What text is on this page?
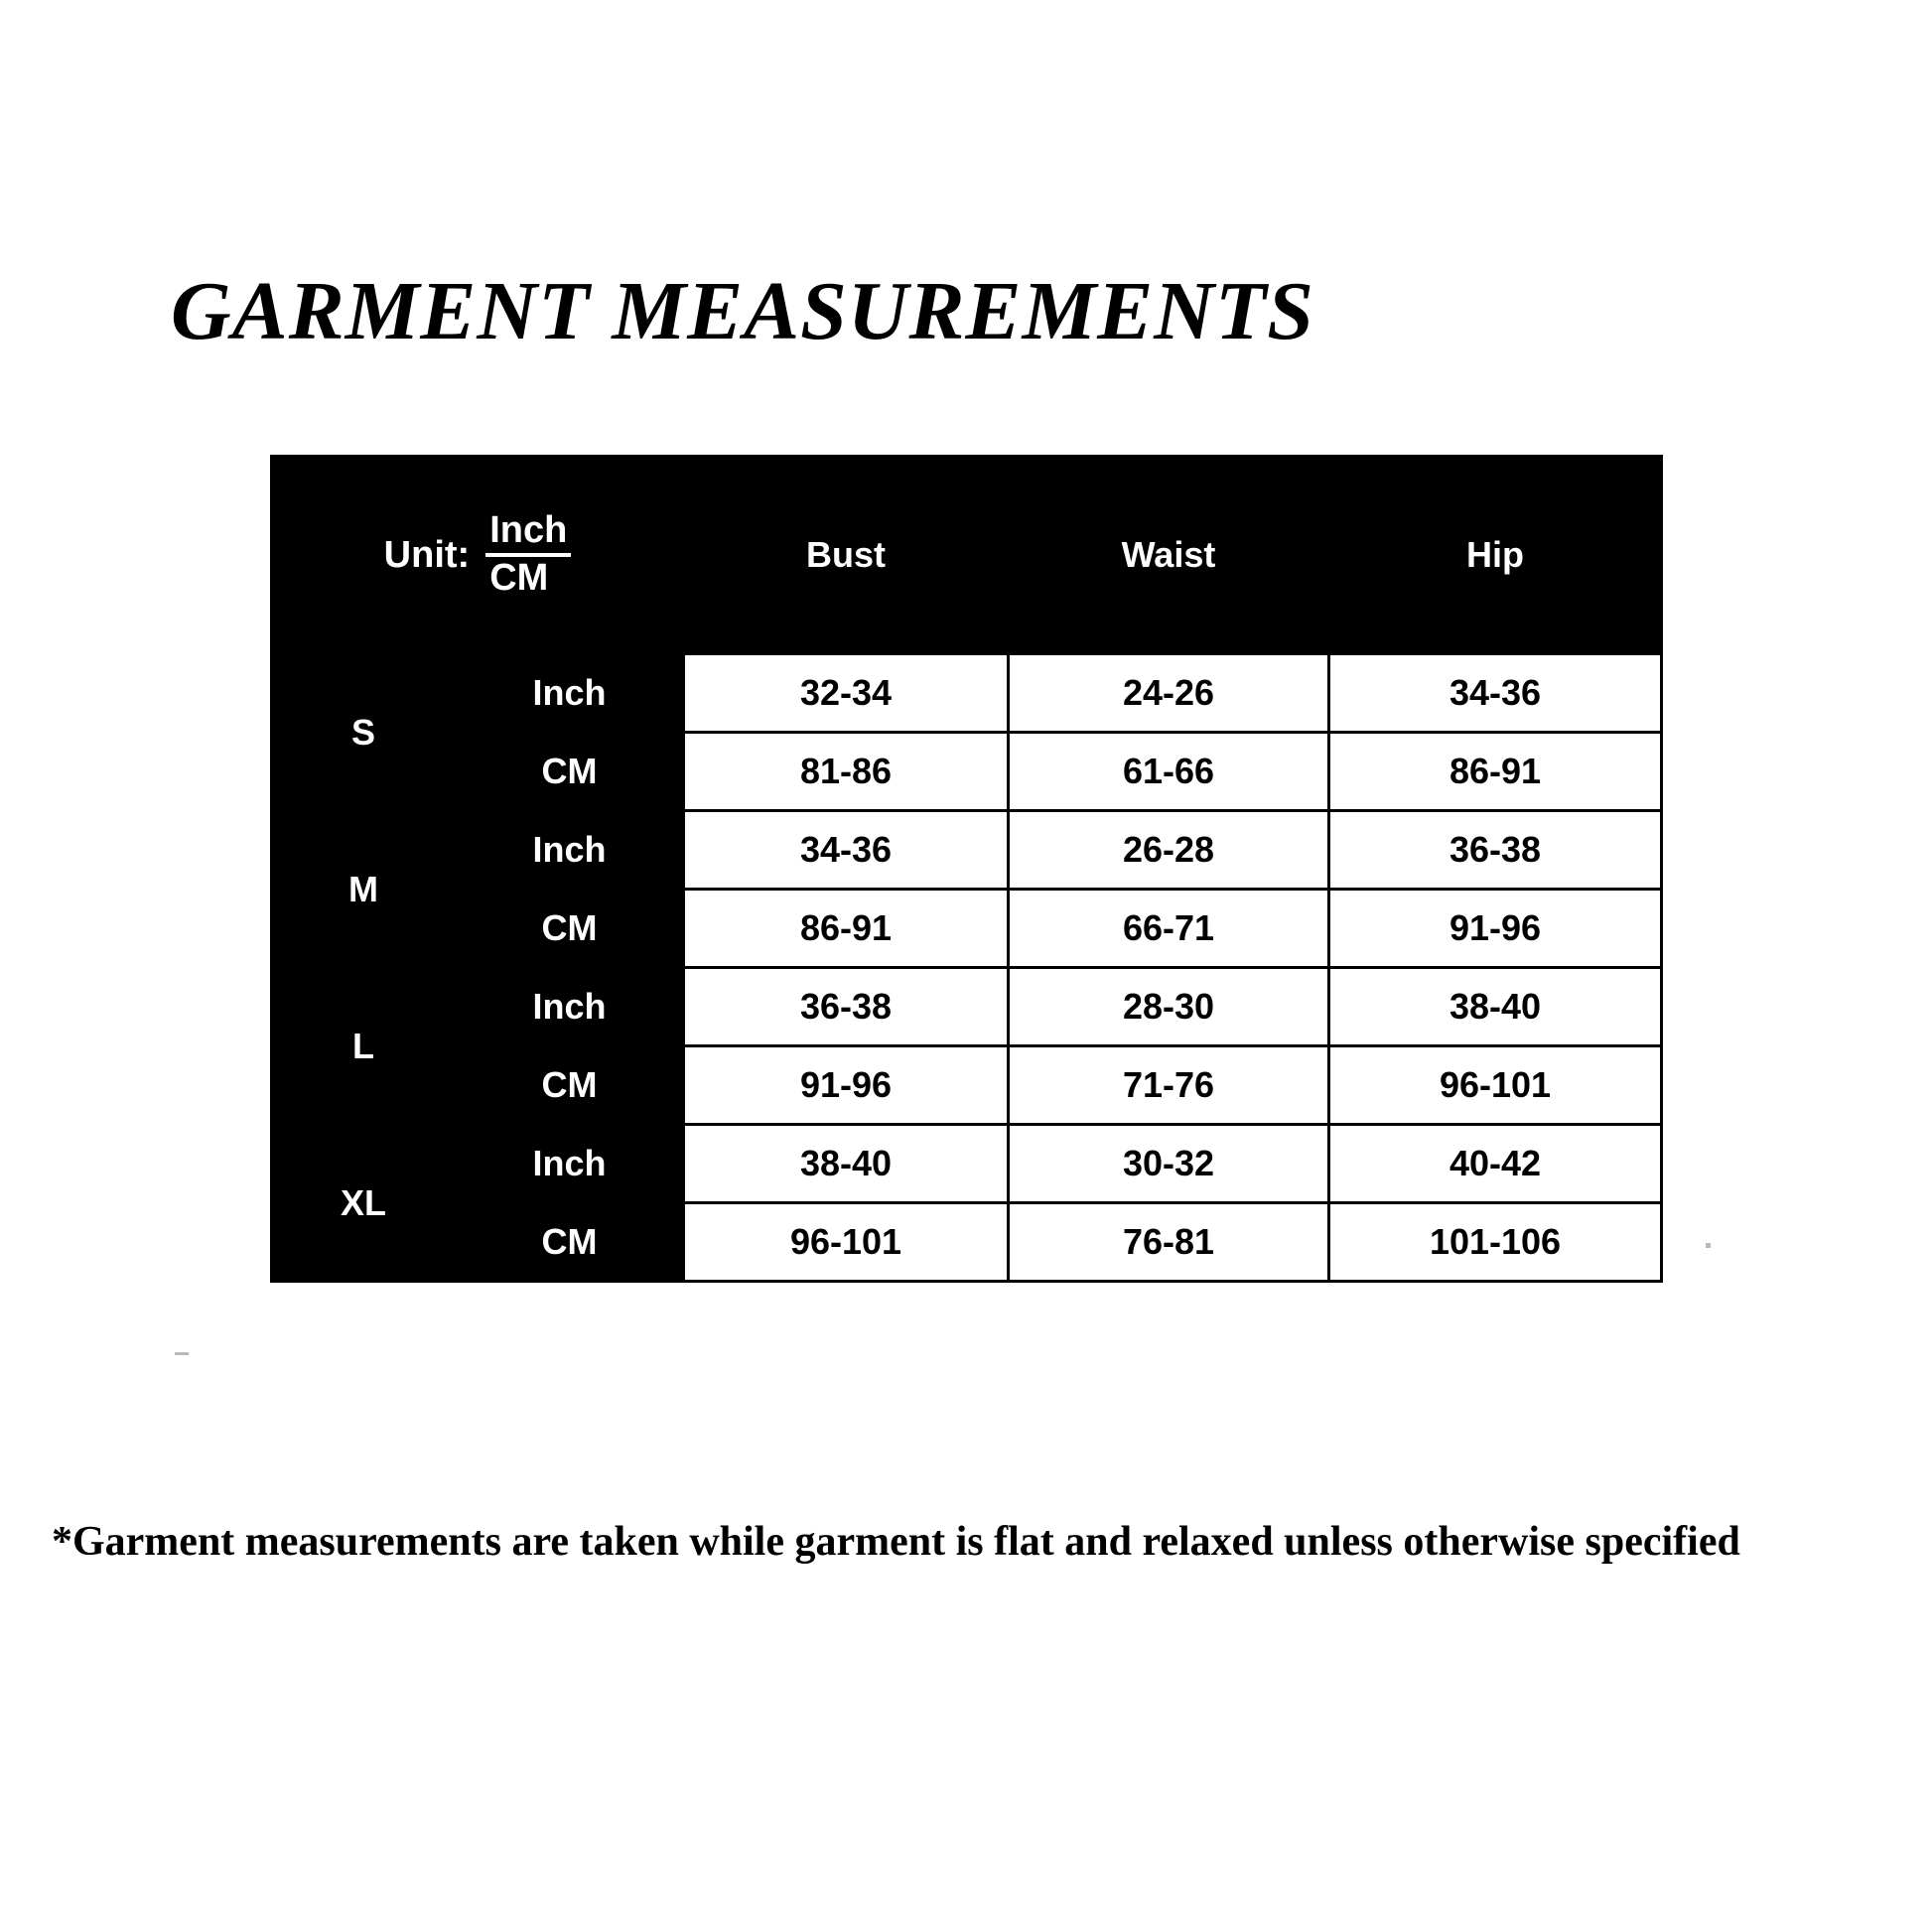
GARMENT MEASUREMENTS
Unit: $\frac{\text{Inch}}{CM}$		Bust	Waist	Hip
S	Inch	32-34	24-26	34-36
	CM	81-86	61-66	86-91
M	Inch	34-36	26-28	36-38
	CM	86-91	66-71	91-96
L	Inch	36-38	28-30	38-40
	CM	91-96	71-76	96-101
XL	Inch	38-40	30-32	40-42
	CM	96-101	76-81	101-106
*Garment measurements are taken while garment is flat and relaxed unless otherwise specified
